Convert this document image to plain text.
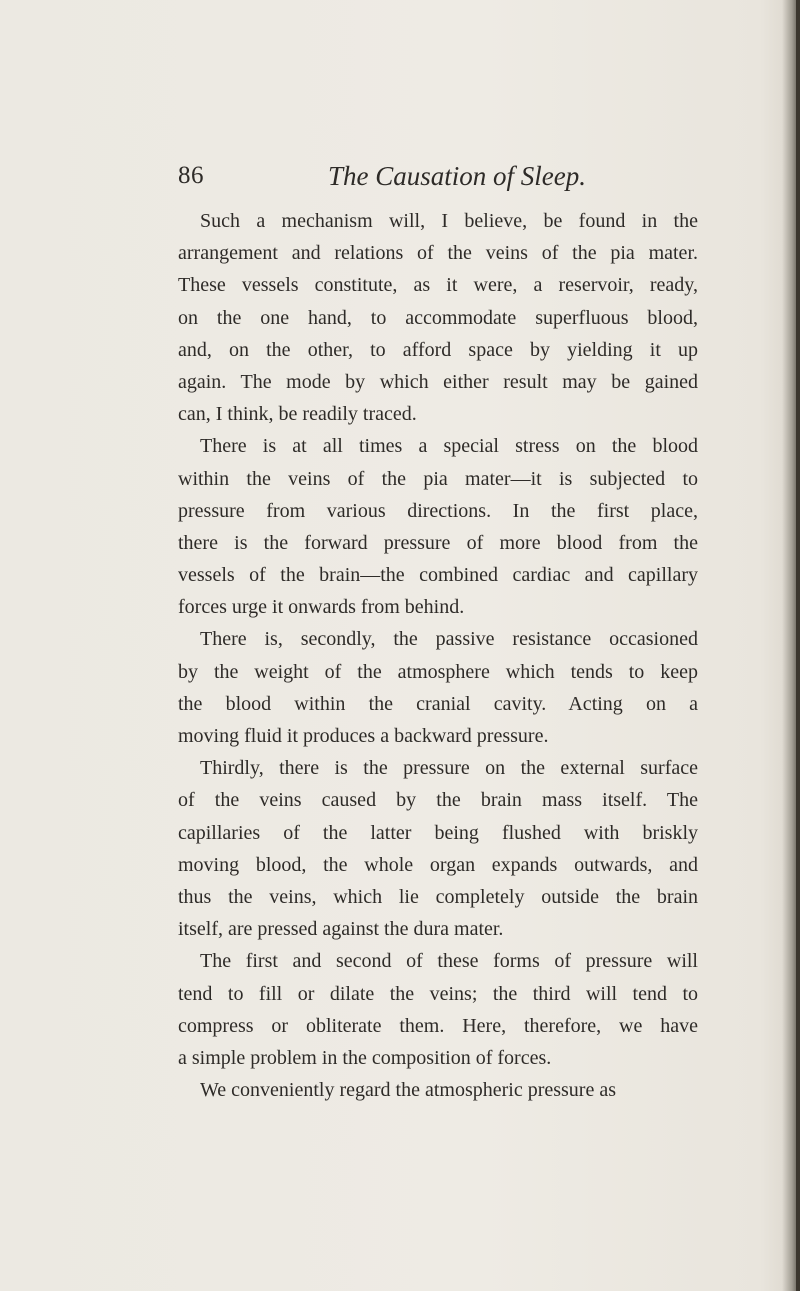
86	The Causation of Sleep.
Such a mechanism will, I believe, be found in the
arrangement and relations of the veins of the pia mater.
These vessels constitute, as it were, a reservoir, ready,
on the one hand, to accommodate superfluous blood,
and, on the other, to afford space by yielding it up
again. The mode by which either result may be gained
can, I think, be readily traced.
There is at all times a special stress on the blood
within the veins of the pia mater—it is subjected to
pressure from various directions. In the first place,
there is the forward pressure of more blood from the
vessels of the brain—the combined cardiac and capillary
forces urge it onwards from behind.
There is, secondly, the passive resistance occasioned
by the weight of the atmosphere which tends to keep
the blood within the cranial cavity. Acting on a
moving fluid it produces a backward pressure.
Thirdly, there is the pressure on the external surface
of the veins caused by the brain mass itself. The
capillaries of the latter being flushed with briskly
moving blood, the whole organ expands outwards, and
thus the veins, which lie completely outside the brain
itself, are pressed against the dura mater.
The first and second of these forms of pressure will
tend to fill or dilate the veins; the third will tend to
compress or obliterate them. Here, therefore, we have
a simple problem in the composition of forces.
We conveniently regard the atmospheric pressure as
